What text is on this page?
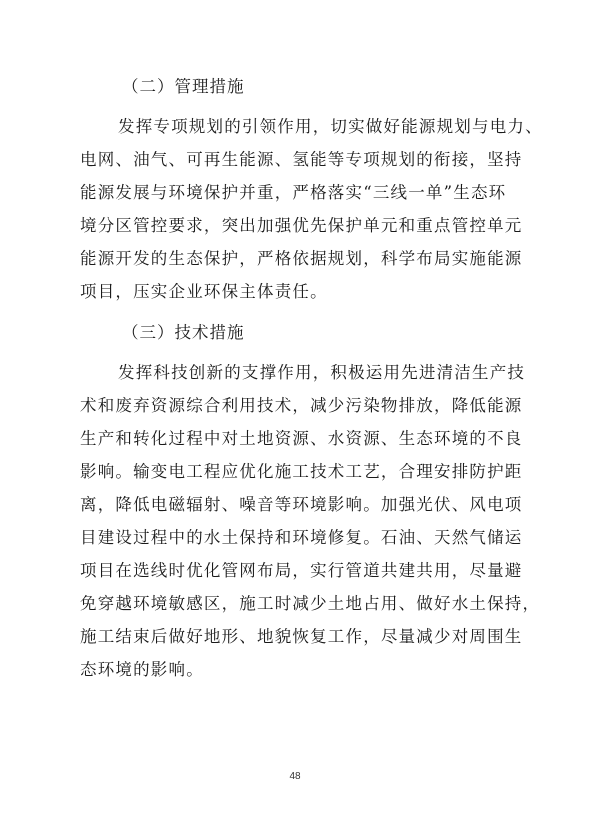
（二）管理措施
发挥专项规划的引领作用，切实做好能源规划与电力、
电网、油气、可再生能源、氢能等专项规划的衔接，坚持
能源发展与环境保护并重，严格落实“三线一单”生态环
境分区管控要求，突出加强优先保护单元和重点管控单元
能源开发的生态保护，严格依据规划，科学布局实施能源
项目，压实企业环保主体责任。
（三）技术措施
发挥科技创新的支撑作用，积极运用先进清洁生产技
术和废弃资源综合利用技术，减少污染物排放，降低能源
生产和转化过程中对土地资源、水资源、生态环境的不良
影响。输变电工程应优化施工技术工艺，合理安排防护距
离，降低电磁辐射、噪音等环境影响。加强光伏、风电项
目建设过程中的水土保持和环境修复。石油、天然气储运
项目在选线时优化管网布局，实行管道共建共用，尽量避
免穿越环境敏感区，施工时减少土地占用、做好水土保持，
施工结束后做好地形、地貌恢复工作，尽量减少对周围生
态环境的影响。
48
